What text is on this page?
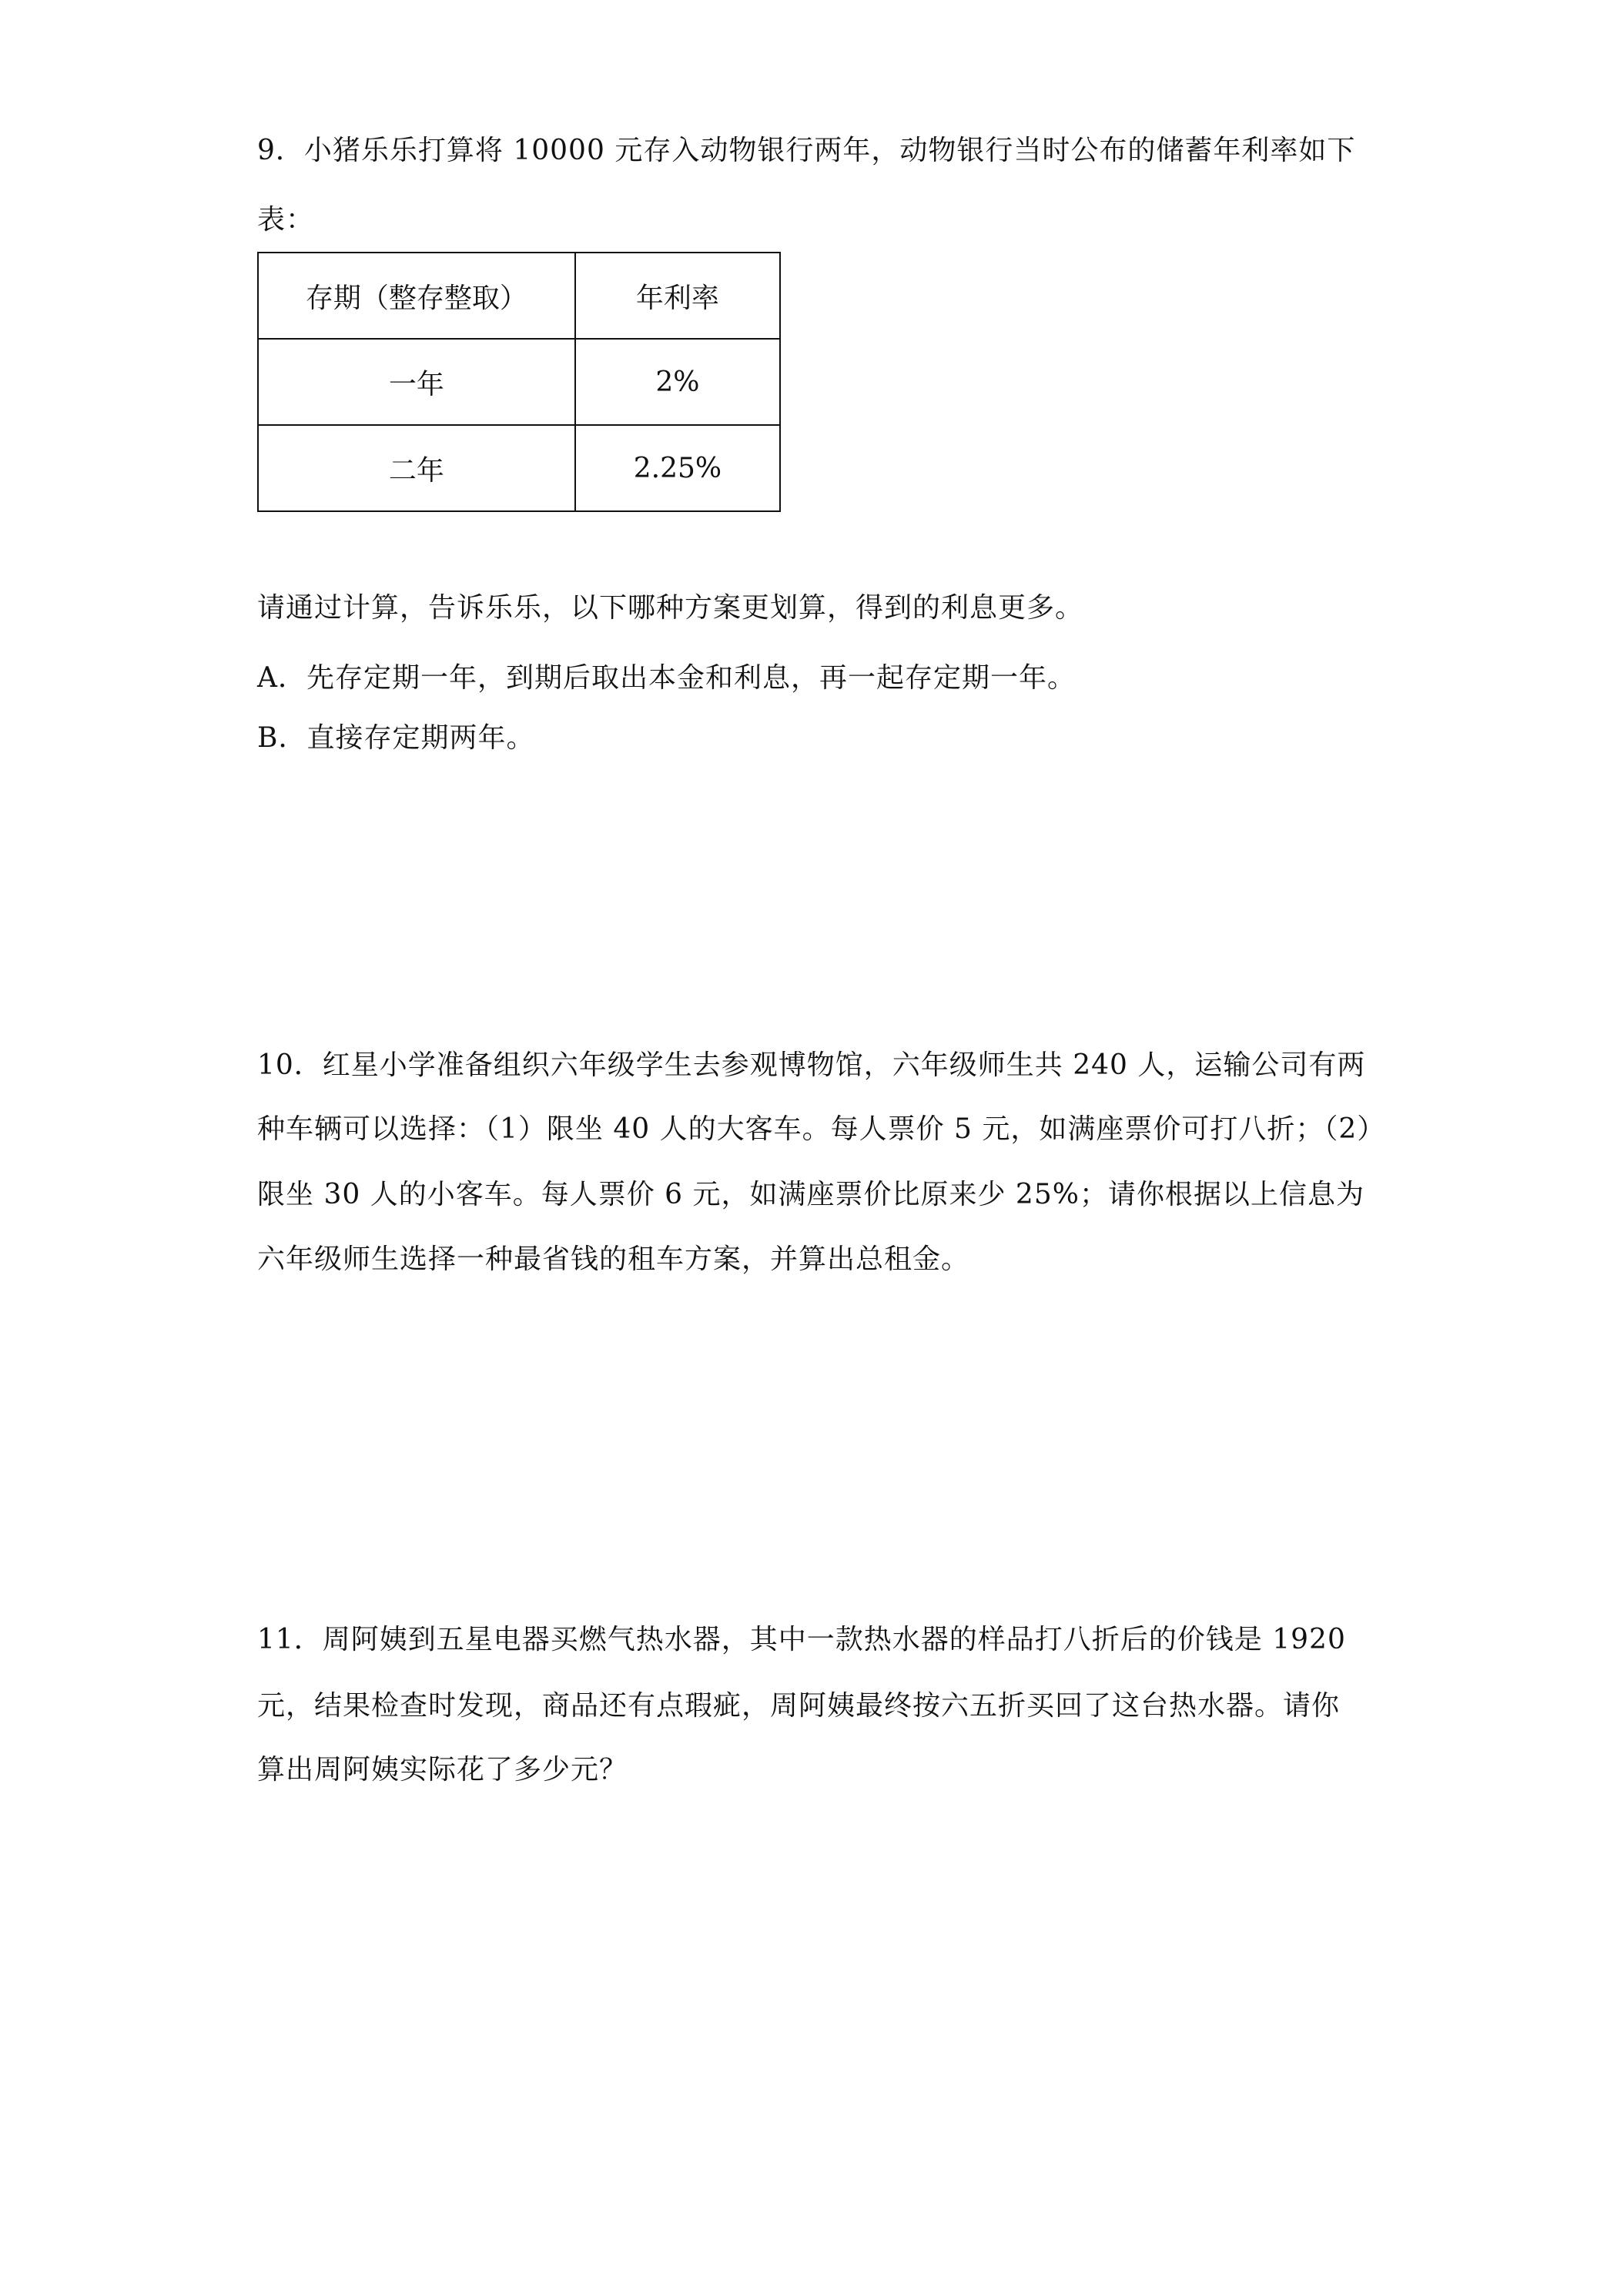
9．小猪乐乐打算将 10000 元存入动物银行两年，动物银行当时公布的储蓄年利率如下
表：
存期（整存整取）	年利率
一年	2%
二年	2.25%
请通过计算，告诉乐乐，以下哪种方案更划算，得到的利息更多。
A．先存定期一年，到期后取出本金和利息，再一起存定期一年。
B．直接存定期两年。
10．红星小学准备组织六年级学生去参观博物馆，六年级师生共 240 人，运输公司有两
种车辆可以选择：（1）限坐 40 人的大客车。每人票价 5 元，如满座票价可打八折；（2）
限坐 30 人的小客车。每人票价 6 元，如满座票价比原来少 25%；请你根据以上信息为
六年级师生选择一种最省钱的租车方案，并算出总租金。
11．周阿姨到五星电器买燃气热水器，其中一款热水器的样品打八折后的价钱是 1920
元，结果检查时发现，商品还有点瑕疵，周阿姨最终按六五折买回了这台热水器。请你
算出周阿姨实际花了多少元？
